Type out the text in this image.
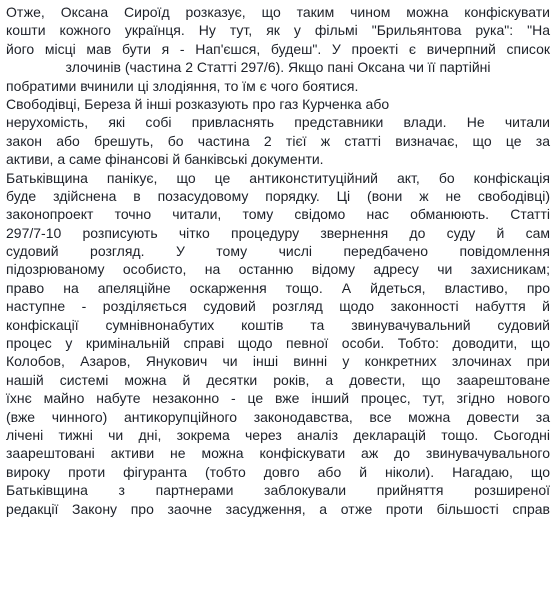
Отже, Оксана Сироїд розказує, що таким чином можна конфіскувати
кошти кожного українця. Ну тут, як у фільмі "Брильянтова рука": "На
його місці мав бути я - Нап'єшся, будеш". У проекті є вичерпний список
злочинів (частина 2 Статті 297/6). Якщо пані Оксана чи її партійні
побратими вчинили ці злодіяння, то їм є чого боятися.
Свободівці, Береза й інші розказують про газ Курченка або
нерухомість, які собі привласнять представники влади. Не читали
закон або брешуть, бо частина 2 тієї ж статті визначає, що це за
активи, а саме фінансові й банківські документи.
Батьківщина панікує, що це антиконституційний акт, бо конфіскація
буде здійснена в позасудовому порядку. Ці (вони ж не свободівці)
законопроект точно читали, тому свідомо нас обманюють. Статті
297/7-10 розписують чітко процедуру звернення до суду й сам
судовий розгляд. У тому числі передбачено повідомлення
підозрюваному особисто, на останню відому адресу чи захисникам;
право на апеляційне оскарження тощо. А йдеться, властиво, про
наступне - розділяється судовий розгляд щодо законності набуття й
конфіскації сумнівнонабутих коштів та звинувачувальний судовий
процес у кримінальній справі щодо певної особи. Тобто: доводити, що
Колобов, Азаров, Янукович чи інші винні у конкретних злочинах при
нашій системі можна й десятки років, а довести, що заарештоване
їхнє майно набуте незаконно - це вже інший процес, тут, згідно нового
(вже чинного) антикорупційного законодавства, все можна довести за
лічені тижні чи дні, зокрема через аналіз декларацій тощо. Сьогодні
заарештовані активи не можна конфіскувати аж до звинувачувального
вироку проти фігуранта (тобто довго або й ніколи). Нагадаю, що
Батьківщина з партнерами заблокували прийняття розширеної
редакції Закону про заочне засудження, а отже проти більшості справ
